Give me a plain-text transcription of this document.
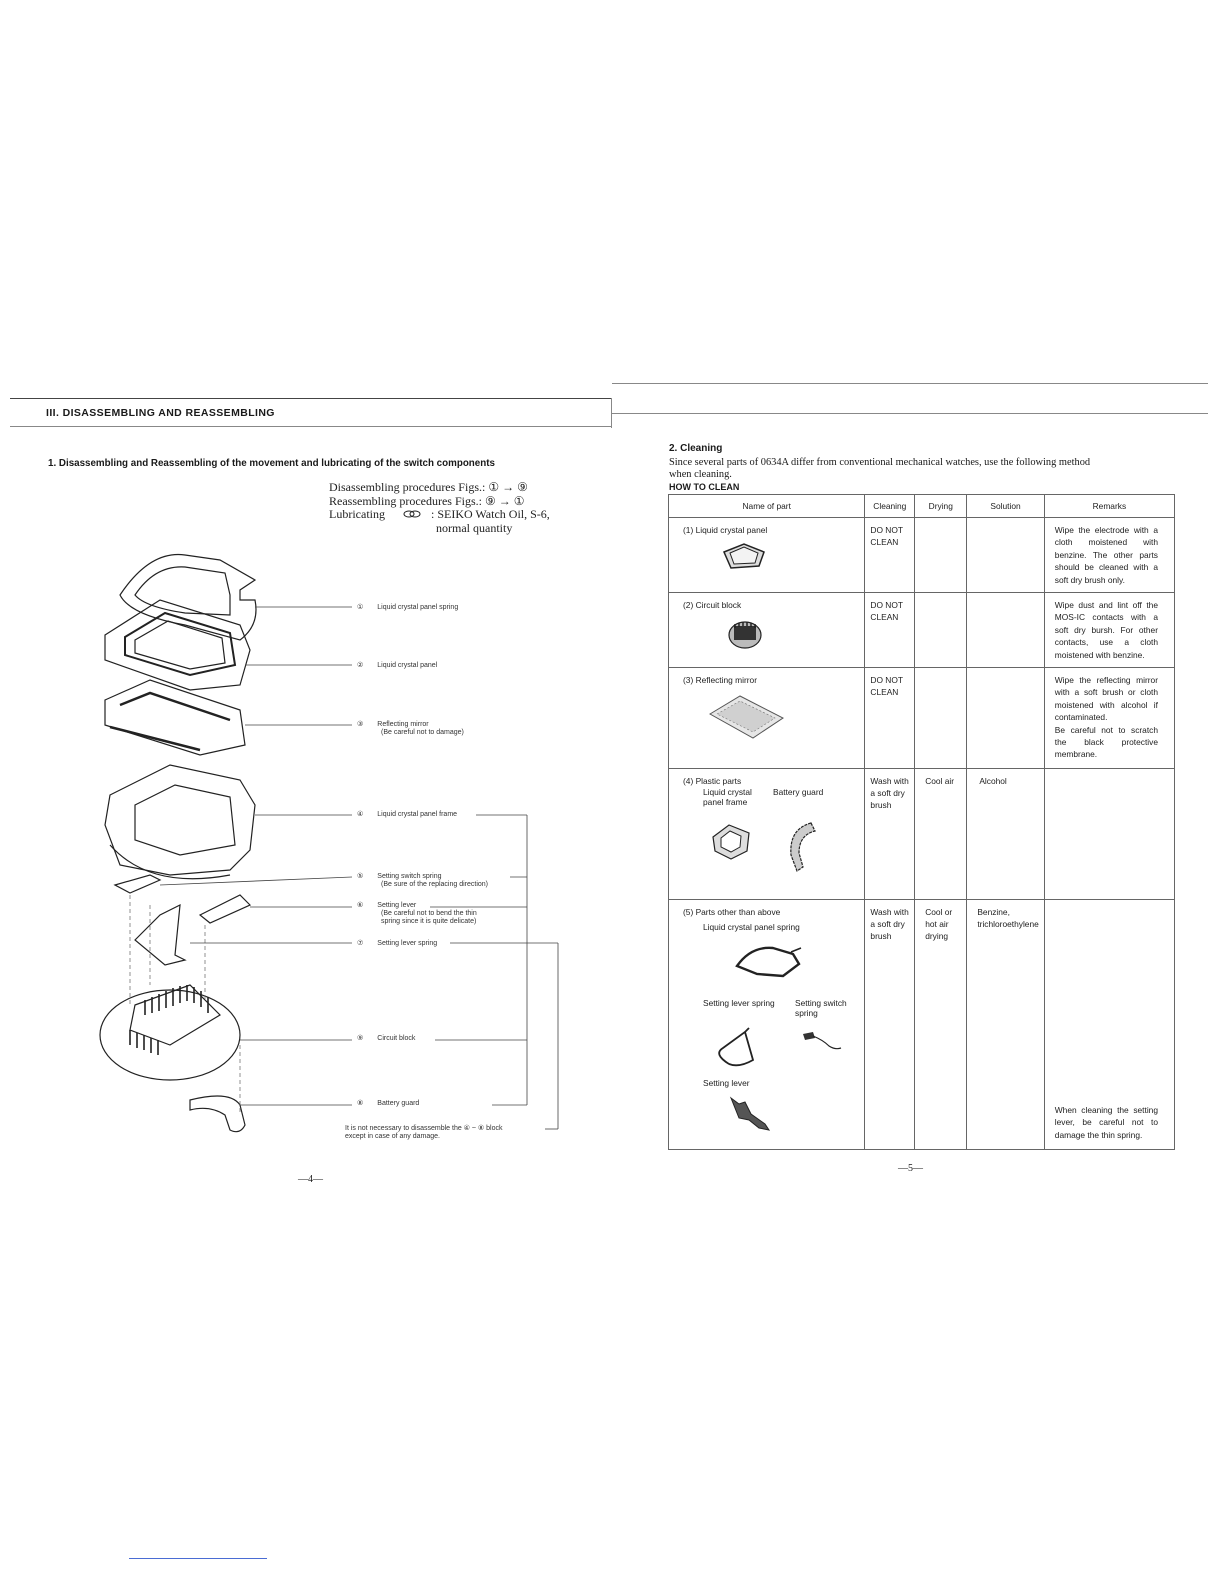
III. DISASSEMBLING AND REASSEMBLING
1. Disassembling and Reassembling of the movement and lubricating of the switch components
Disassembling procedures Figs.: ① → ⑨
Reassembling procedures Figs.: ⑨ → ①
Lubricating	: SEIKO Watch Oil, S-6,
normal quantity
① Liquid crystal panel spring
② Liquid crystal panel
③ Reflecting mirror
(Be careful not to damage)
④ Liquid crystal panel frame
⑤ Setting switch spring
(Be sure of the replacing direction)
⑥ Setting lever
(Be careful not to bend the thin
spring since it is quite delicate)
⑦ Setting lever spring
⑨ Circuit block
⑧ Battery guard
It is not necessary to disassemble the ④ ~ ⑧ block
except in case of any damage.
—4—
2. Cleaning
Since several parts of 0634A differ from conventional mechanical watches, use the following method
when cleaning.
HOW TO CLEAN
Name of part	Cleaning	Drying	Solution	Remarks

(1) Liquid crystal panel	DO NOT CLEAN			Wipe the electrode with a cloth moistened with benzine. The other parts should be cleaned with a soft dry brush only.

(2) Circuit block	DO NOT CLEAN			Wipe dust and lint off the MOS-IC contacts with a soft dry bursh. For other contacts, use a cloth moistened with benzine.

(3) Reflecting mirror	DO NOT CLEAN			Wipe the reflecting mirror with a soft brush or cloth moistened with alcohol if contaminated.
Be careful not to scratch the black protective membrane.

(4) Plastic parts
Liquid crystal panel frame
Battery guard	Wash with a soft dry brush	Cool air	Alcohol	

(5) Parts other than above
Liquid crystal panel spring
Setting lever spring Setting switch spring
Setting lever	Wash with a soft dry brush	Cool or hot air drying	Benzine, trichloroethylene	When cleaning the setting lever, be careful not to damage the thin spring.
—5—
